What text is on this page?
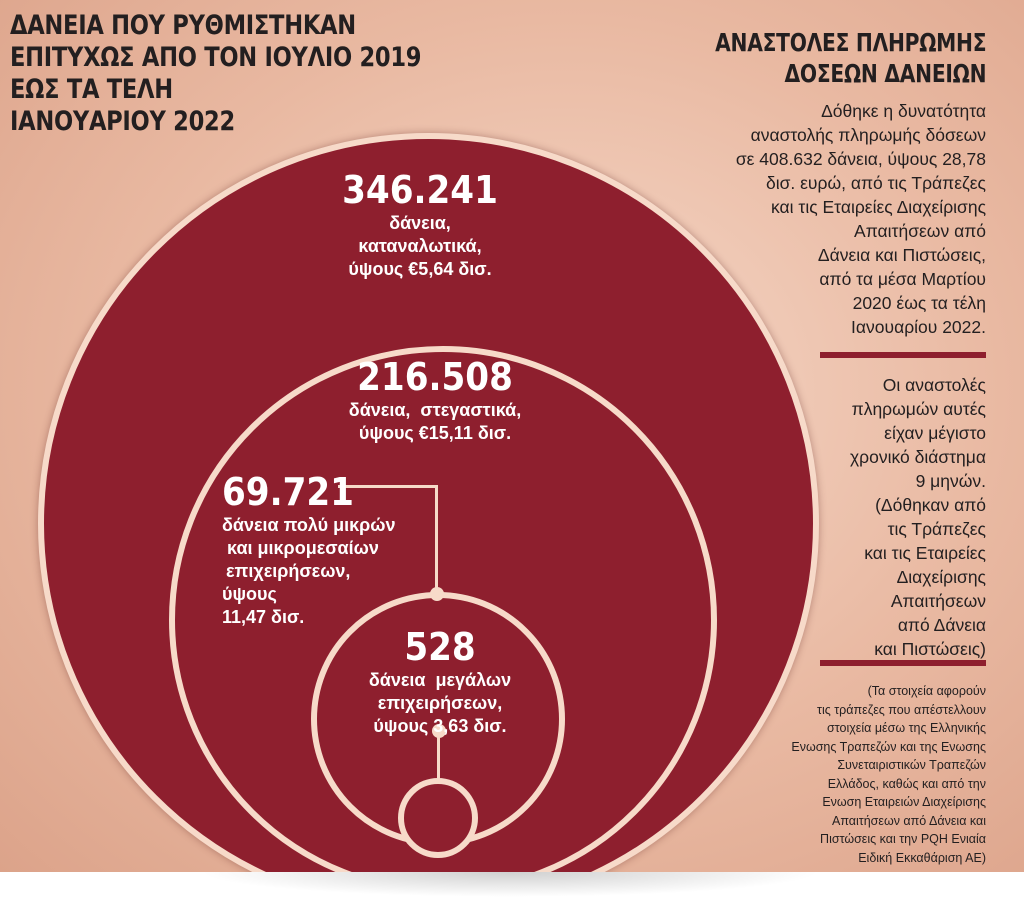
ΔΑΝΕΙΑ ΠΟΥ ΡΥΘΜΙΣΤΗΚΑΝ
ΕΠΙΤΥΧΩΣ ΑΠΟ ΤΟΝ ΙΟΥΛΙΟ 2019
ΕΩΣ ΤΑ ΤΕΛΗ
ΙΑΝΟΥΑΡΙΟΥ 2022
346.241
δάνεια,
καταναλωτικά,
ύψους €5,64 δισ.
216.508
δάνεια,  στεγαστικά,
ύψους €15,11 δισ.
69.721
δάνεια πολύ μικρών
και μικρομεσαίων
επιχειρήσεων,
ύψους
11,47 δισ.
528
δάνεια  μεγάλων
επιχειρήσεων,
ύψους 3,63 δισ.
ΑΝΑΣΤΟΛΕΣ ΠΛΗΡΩΜΗΣ
ΔΟΣΕΩΝ ΔΑΝΕΙΩΝ

Δόθηκε η δυνατότητα
αναστολής πληρωμής δόσεων
σε 408.632 δάνεια, ύψους 28,78
δισ. ευρώ, από τις Τράπεζες
και τις Εταιρείες Διαχείρισης
Απαιτήσεων από
Δάνεια και Πιστώσεις,
από τα μέσα Μαρτίου
2020 έως τα τέλη
Ιανουαρίου 2022.

Οι αναστολές
πληρωμών αυτές
είχαν μέγιστο
χρονικό διάστημα
9 μηνών.
(Δόθηκαν από
τις Τράπεζες
και τις Εταιρείες
Διαχείρισης
Απαιτήσεων
από Δάνεια
και Πιστώσεις)

(Τα στοιχεία αφορούν
τις τράπεζες που απέστελλουν
στοιχεία μέσω της Ελληνικής
Ενωσης Τραπεζών και της Ενωσης
Συνεταιριστικών Τραπεζών
Ελλάδος, καθώς και από την
Ενωση Εταιρειών Διαχείρισης
Απαιτήσεων από Δάνεια και
Πιστώσεις και την ΡQΗ Ενιαία
Ειδική Εκκαθάριση ΑΕ)
